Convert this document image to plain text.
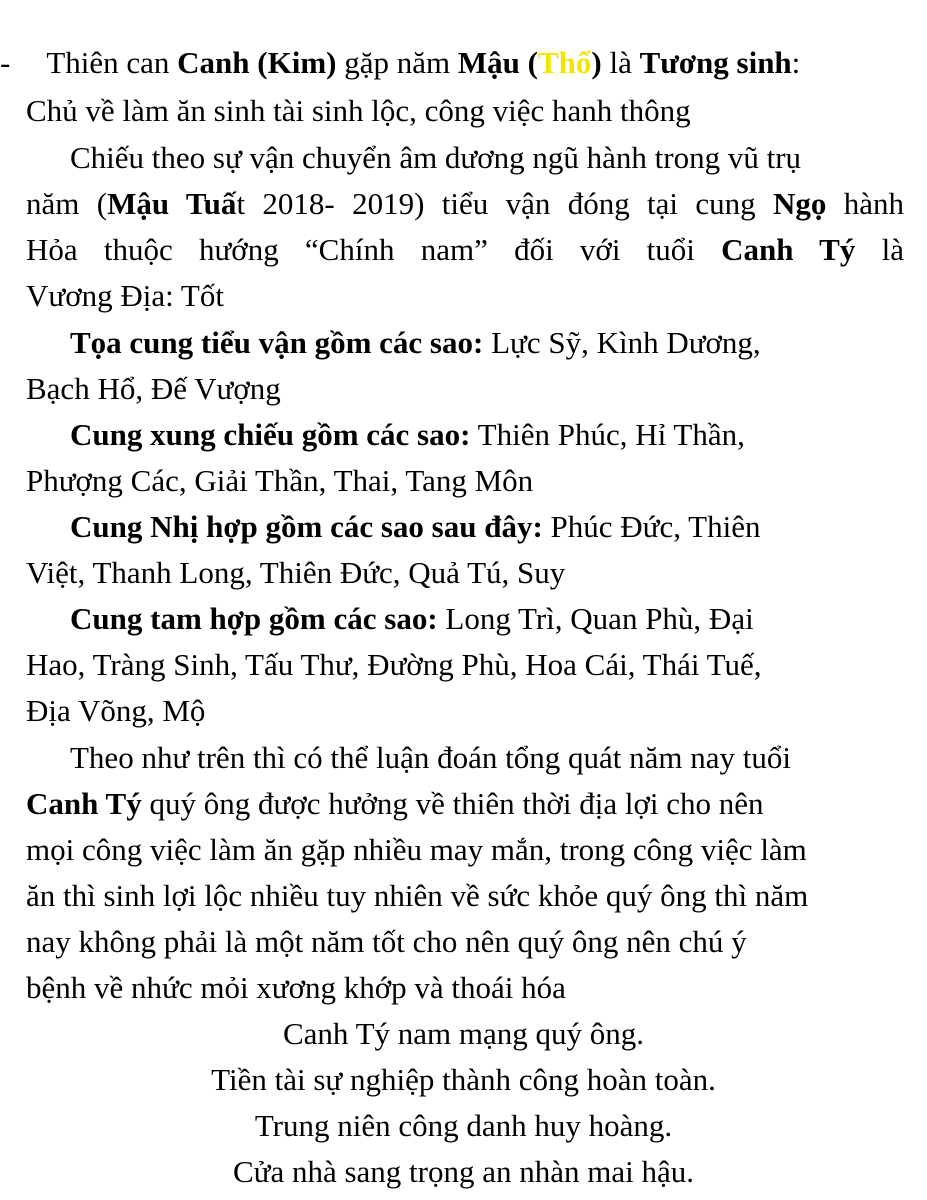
- Thiên can Canh (Kim) gặp năm Mậu (Thổ) là Tương sinh:
Chủ về làm ăn sinh tài sinh lộc, công việc hanh thông
Chiếu theo sự vận chuyển âm dương ngũ hành trong vũ trụ
năm (Mậu Tuất 2018- 2019) tiểu vận đóng tại cung Ngọ hành
Hỏa thuộc hướng “Chính nam” đối với tuổi Canh Tý là
Vương Địa: Tốt
Tọa cung tiểu vận gồm các sao: Lực Sỹ, Kình Dương,
Bạch Hổ, Đế Vượng
Cung xung chiếu gồm các sao: Thiên Phúc, Hỉ Thần,
Phượng Các, Giải Thần, Thai, Tang Môn
Cung Nhị hợp gồm các sao sau đây: Phúc Đức, Thiên
Việt, Thanh Long, Thiên Đức, Quả Tú, Suy
Cung tam hợp gồm các sao: Long Trì, Quan Phù, Đại
Hao, Tràng Sinh, Tấu Thư, Đường Phù, Hoa Cái, Thái Tuế,
Địa Võng, Mộ
Theo như trên thì có thể luận đoán tổng quát năm nay tuổi
Canh Tý quý ông được hưởng về thiên thời địa lợi cho nên
mọi công việc làm ăn gặp nhiều may mắn, trong công việc làm
ăn thì sinh lợi lộc nhiều tuy nhiên về sức khỏe quý ông thì năm
nay không phải là một năm tốt cho nên quý ông nên chú ý
bệnh về nhức mỏi xương khớp và thoái hóa
Canh Tý nam mạng quý ông.
Tiền tài sự nghiệp thành công hoàn toàn.
Trung niên công danh huy hoàng.
Cửa nhà sang trọng an nhàn mai hậu.
